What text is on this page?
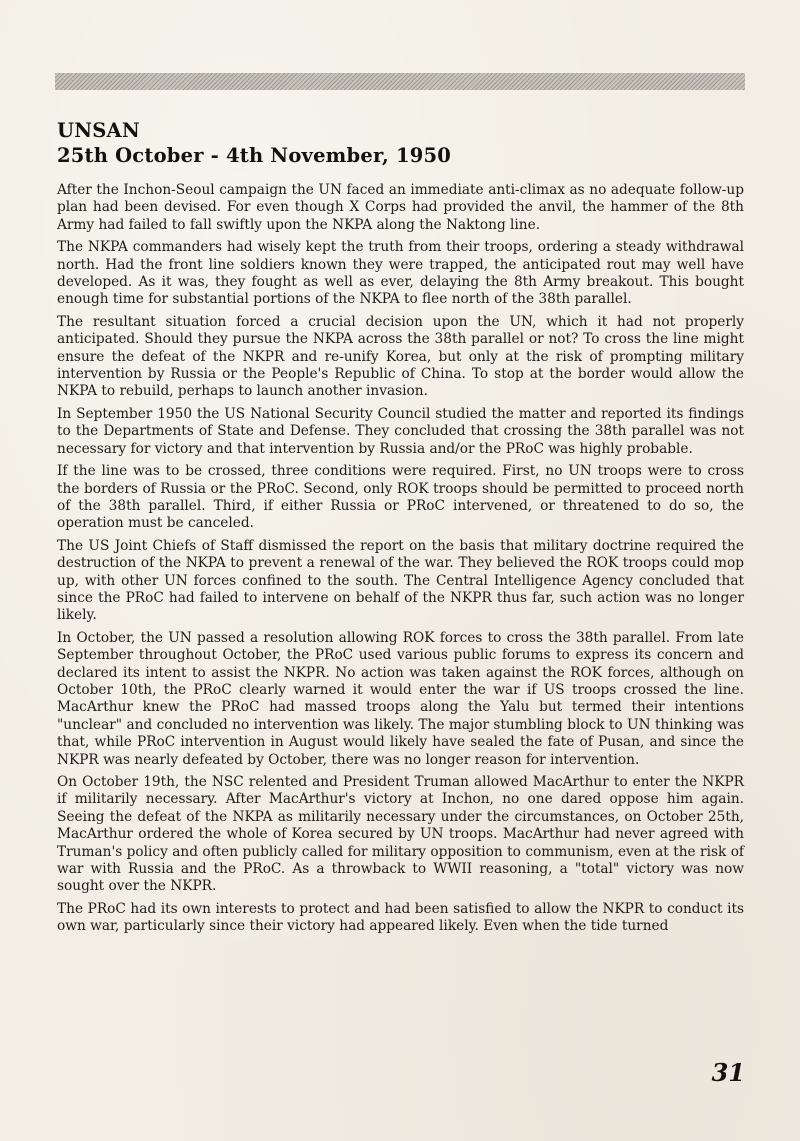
UNSAN
25th October - 4th November, 1950

After the Inchon-Seoul campaign the UN faced an immediate anti-climax as no adequate follow-up plan had been devised. For even though X Corps had provided the anvil, the hammer of the 8th Army had failed to fall swiftly upon the NKPA along the Naktong line.

The NKPA commanders had wisely kept the truth from their troops, ordering a steady withdrawal north. Had the front line soldiers known they were trapped, the anticipated rout may well have developed. As it was, they fought as well as ever, delaying the 8th Army breakout. This bought enough time for substantial portions of the NKPA to flee north of the 38th parallel.

The resultant situation forced a crucial decision upon the UN, which it had not properly anticipated. Should they pursue the NKPA across the 38th parallel or not? To cross the line might ensure the defeat of the NKPR and re-unify Korea, but only at the risk of prompting military intervention by Russia or the People's Republic of China. To stop at the border would allow the NKPA to rebuild, perhaps to launch another invasion.

In September 1950 the US National Security Council studied the matter and reported its findings to the Departments of State and Defense. They concluded that crossing the 38th parallel was not necessary for victory and that intervention by Russia and/or the PRoC was highly probable.

If the line was to be crossed, three conditions were required. First, no UN troops were to cross the borders of Russia or the PRoC. Second, only ROK troops should be permitted to proceed north of the 38th parallel. Third, if either Russia or PRoC intervened, or threatened to do so, the operation must be canceled.

The US Joint Chiefs of Staff dismissed the report on the basis that military doctrine required the destruction of the NKPA to prevent a renewal of the war. They believed the ROK troops could mop up, with other UN forces confined to the south. The Central Intelligence Agency concluded that since the PRoC had failed to intervene on behalf of the NKPR thus far, such action was no longer likely.

In October, the UN passed a resolution allowing ROK forces to cross the 38th parallel. From late September throughout October, the PRoC used various public forums to express its concern and declared its intent to assist the NKPR. No action was taken against the ROK forces, although on October 10th, the PRoC clearly warned it would enter the war if US troops crossed the line. MacArthur knew the PRoC had massed troops along the Yalu but termed their intentions "unclear" and concluded no intervention was likely. The major stumbling block to UN thinking was that, while PRoC intervention in August would likely have sealed the fate of Pusan, and since the NKPR was nearly defeated by October, there was no longer reason for intervention.

On October 19th, the NSC relented and President Truman allowed MacArthur to enter the NKPR if militarily necessary. After MacArthur's victory at Inchon, no one dared oppose him again. Seeing the defeat of the NKPA as militarily necessary under the circumstances, on October 25th, MacArthur ordered the whole of Korea secured by UN troops. MacArthur had never agreed with Truman's policy and often publicly called for military opposition to communism, even at the risk of war with Russia and the PRoC. As a throwback to WWII reasoning, a "total" victory was now sought over the NKPR.

The PRoC had its own interests to protect and had been satisfied to allow the NKPR to conduct its own war, particularly since their victory had appeared likely. Even when the tide turned

31
